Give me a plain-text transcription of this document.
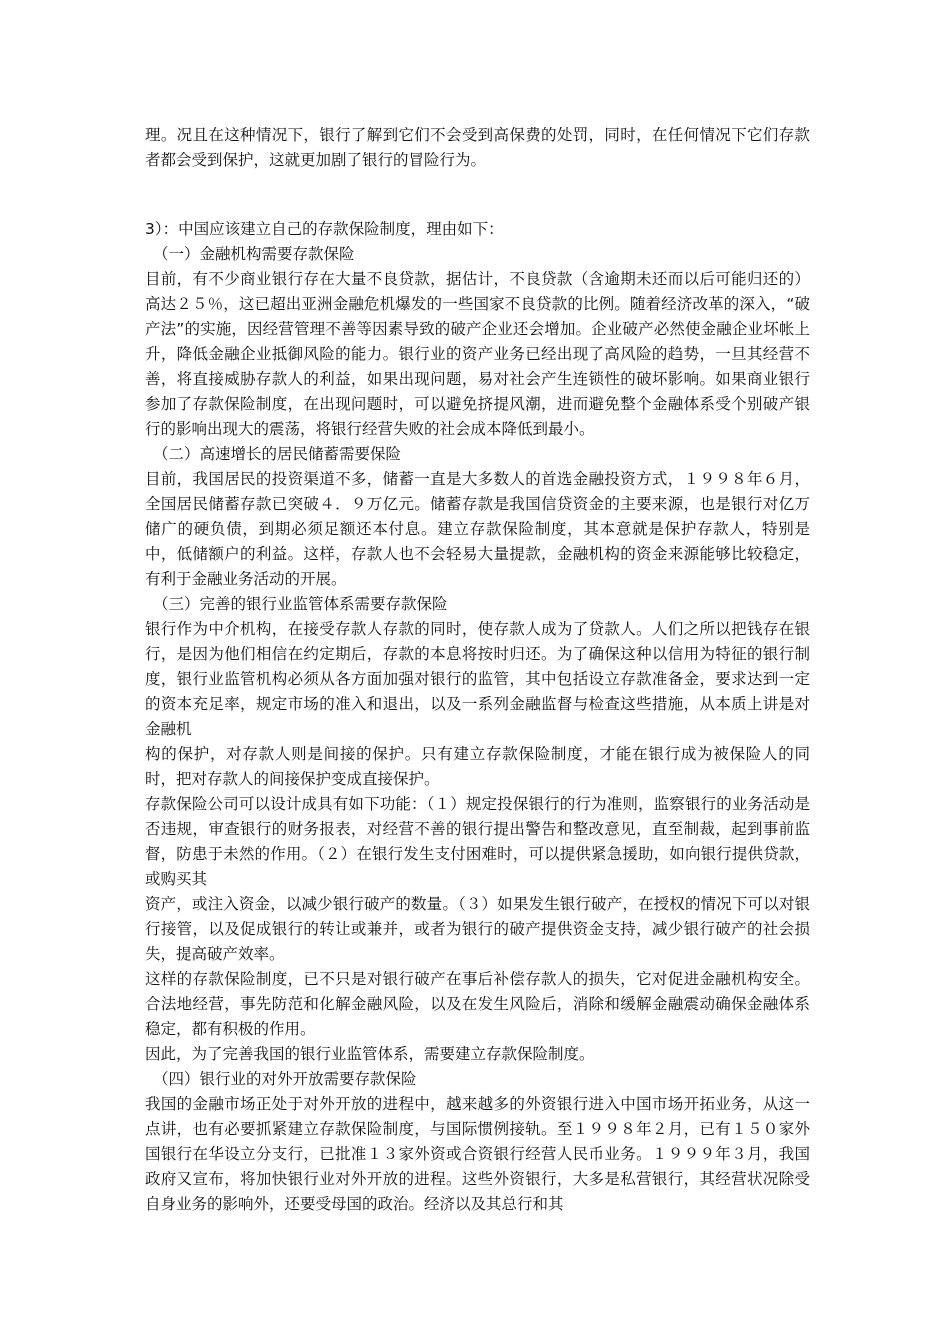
理。况且在这种情况下，银行了解到它们不会受到高保费的处罚，同时，在任何情况下它们存款者都会受到保护，这就更加剧了银行的冒险行为。

3）：中国应该建立自己的存款保险制度，理由如下：

（一）金融机构需要存款保险

目前，有不少商业银行存在大量不良贷款，据估计，不良贷款（含逾期未还而以后可能归还的）高达２５％，这已超出亚洲金融危机爆发的一些国家不良贷款的比例。随着经济改革的深入，“破产法”的实施，因经营管理不善等因素导致的破产企业还会增加。企业破产必然使金融企业坏帐上升，降低金融企业抵御风险的能力。银行业的资产业务已经出现了高风险的趋势，一旦其经营不善，将直接威胁存款人的利益，如果出现问题，易对社会产生连锁性的破坏影响。如果商业银行参加了存款保险制度，在出现问题时，可以避免挤提风潮，进而避免整个金融体系受个别破产银行的影响出现大的震荡，将银行经营失败的社会成本降低到最小。

（二）高速增长的居民储蓄需要保险

目前，我国居民的投资渠道不多，储蓄一直是大多数人的首选金融投资方式，１９９８年６月，全国居民储蓄存款已突破４．９万亿元。储蓄存款是我国信贷资金的主要来源，也是银行对亿万储广的硬负债，到期必须足额还本付息。建立存款保险制度，其本意就是保护存款人，特别是中，低储额户的利益。这样，存款人也不会轻易大量提款，金融机构的资金来源能够比较稳定，有利于金融业务活动的开展。

（三）完善的银行业监管体系需要存款保险

银行作为中介机构，在接受存款人存款的同时，使存款人成为了贷款人。人们之所以把钱存在银行，是因为他们相信在约定期后，存款的本息将按时归还。为了确保这种以信用为特征的银行制度，银行业监管机构必须从各方面加强对银行的监管，其中包括设立存款准备金，要求达到一定的资本充足率，规定市场的准入和退出，以及一系列金融监督与检查这些措施，从本质上讲是对金融机

构的保护，对存款人则是间接的保护。只有建立存款保险制度，才能在银行成为被保险人的同时，把对存款人的间接保护变成直接保护。

存款保险公司可以设计成具有如下功能：（１）规定投保银行的行为准则，监察银行的业务活动是否违规，审查银行的财务报表，对经营不善的银行提出警告和整改意见，直至制裁，起到事前监督，防患于未然的作用。（２）在银行发生支付困难时，可以提供紧急援助，如向银行提供贷款，或购买其

资产，或注入资金，以减少银行破产的数量。（３）如果发生银行破产，在授权的情况下可以对银行接管，以及促成银行的转让或兼并，或者为银行的破产提供资金支持，减少银行破产的社会损失，提高破产效率。

这样的存款保险制度，已不只是对银行破产在事后补偿存款人的损失，它对促进金融机构安全。合法地经营，事先防范和化解金融风险，以及在发生风险后，消除和缓解金融震动确保金融体系稳定，都有积极的作用。

因此，为了完善我国的银行业监管体系，需要建立存款保险制度。

（四）银行业的对外开放需要存款保险

我国的金融市场正处于对外开放的进程中，越来越多的外资银行进入中国市场开拓业务，从这一点讲，也有必要抓紧建立存款保险制度，与国际惯例接轨。至１９９８年２月，已有１５０家外国银行在华设立分支行，已批准１３家外资或合资银行经营人民币业务。１９９９年３月，我国政府又宣布，将加快银行业对外开放的进程。这些外资银行，大多是私营银行，其经营状况除受自身业务的影响外，还要受母国的政治。经济以及其总行和其
